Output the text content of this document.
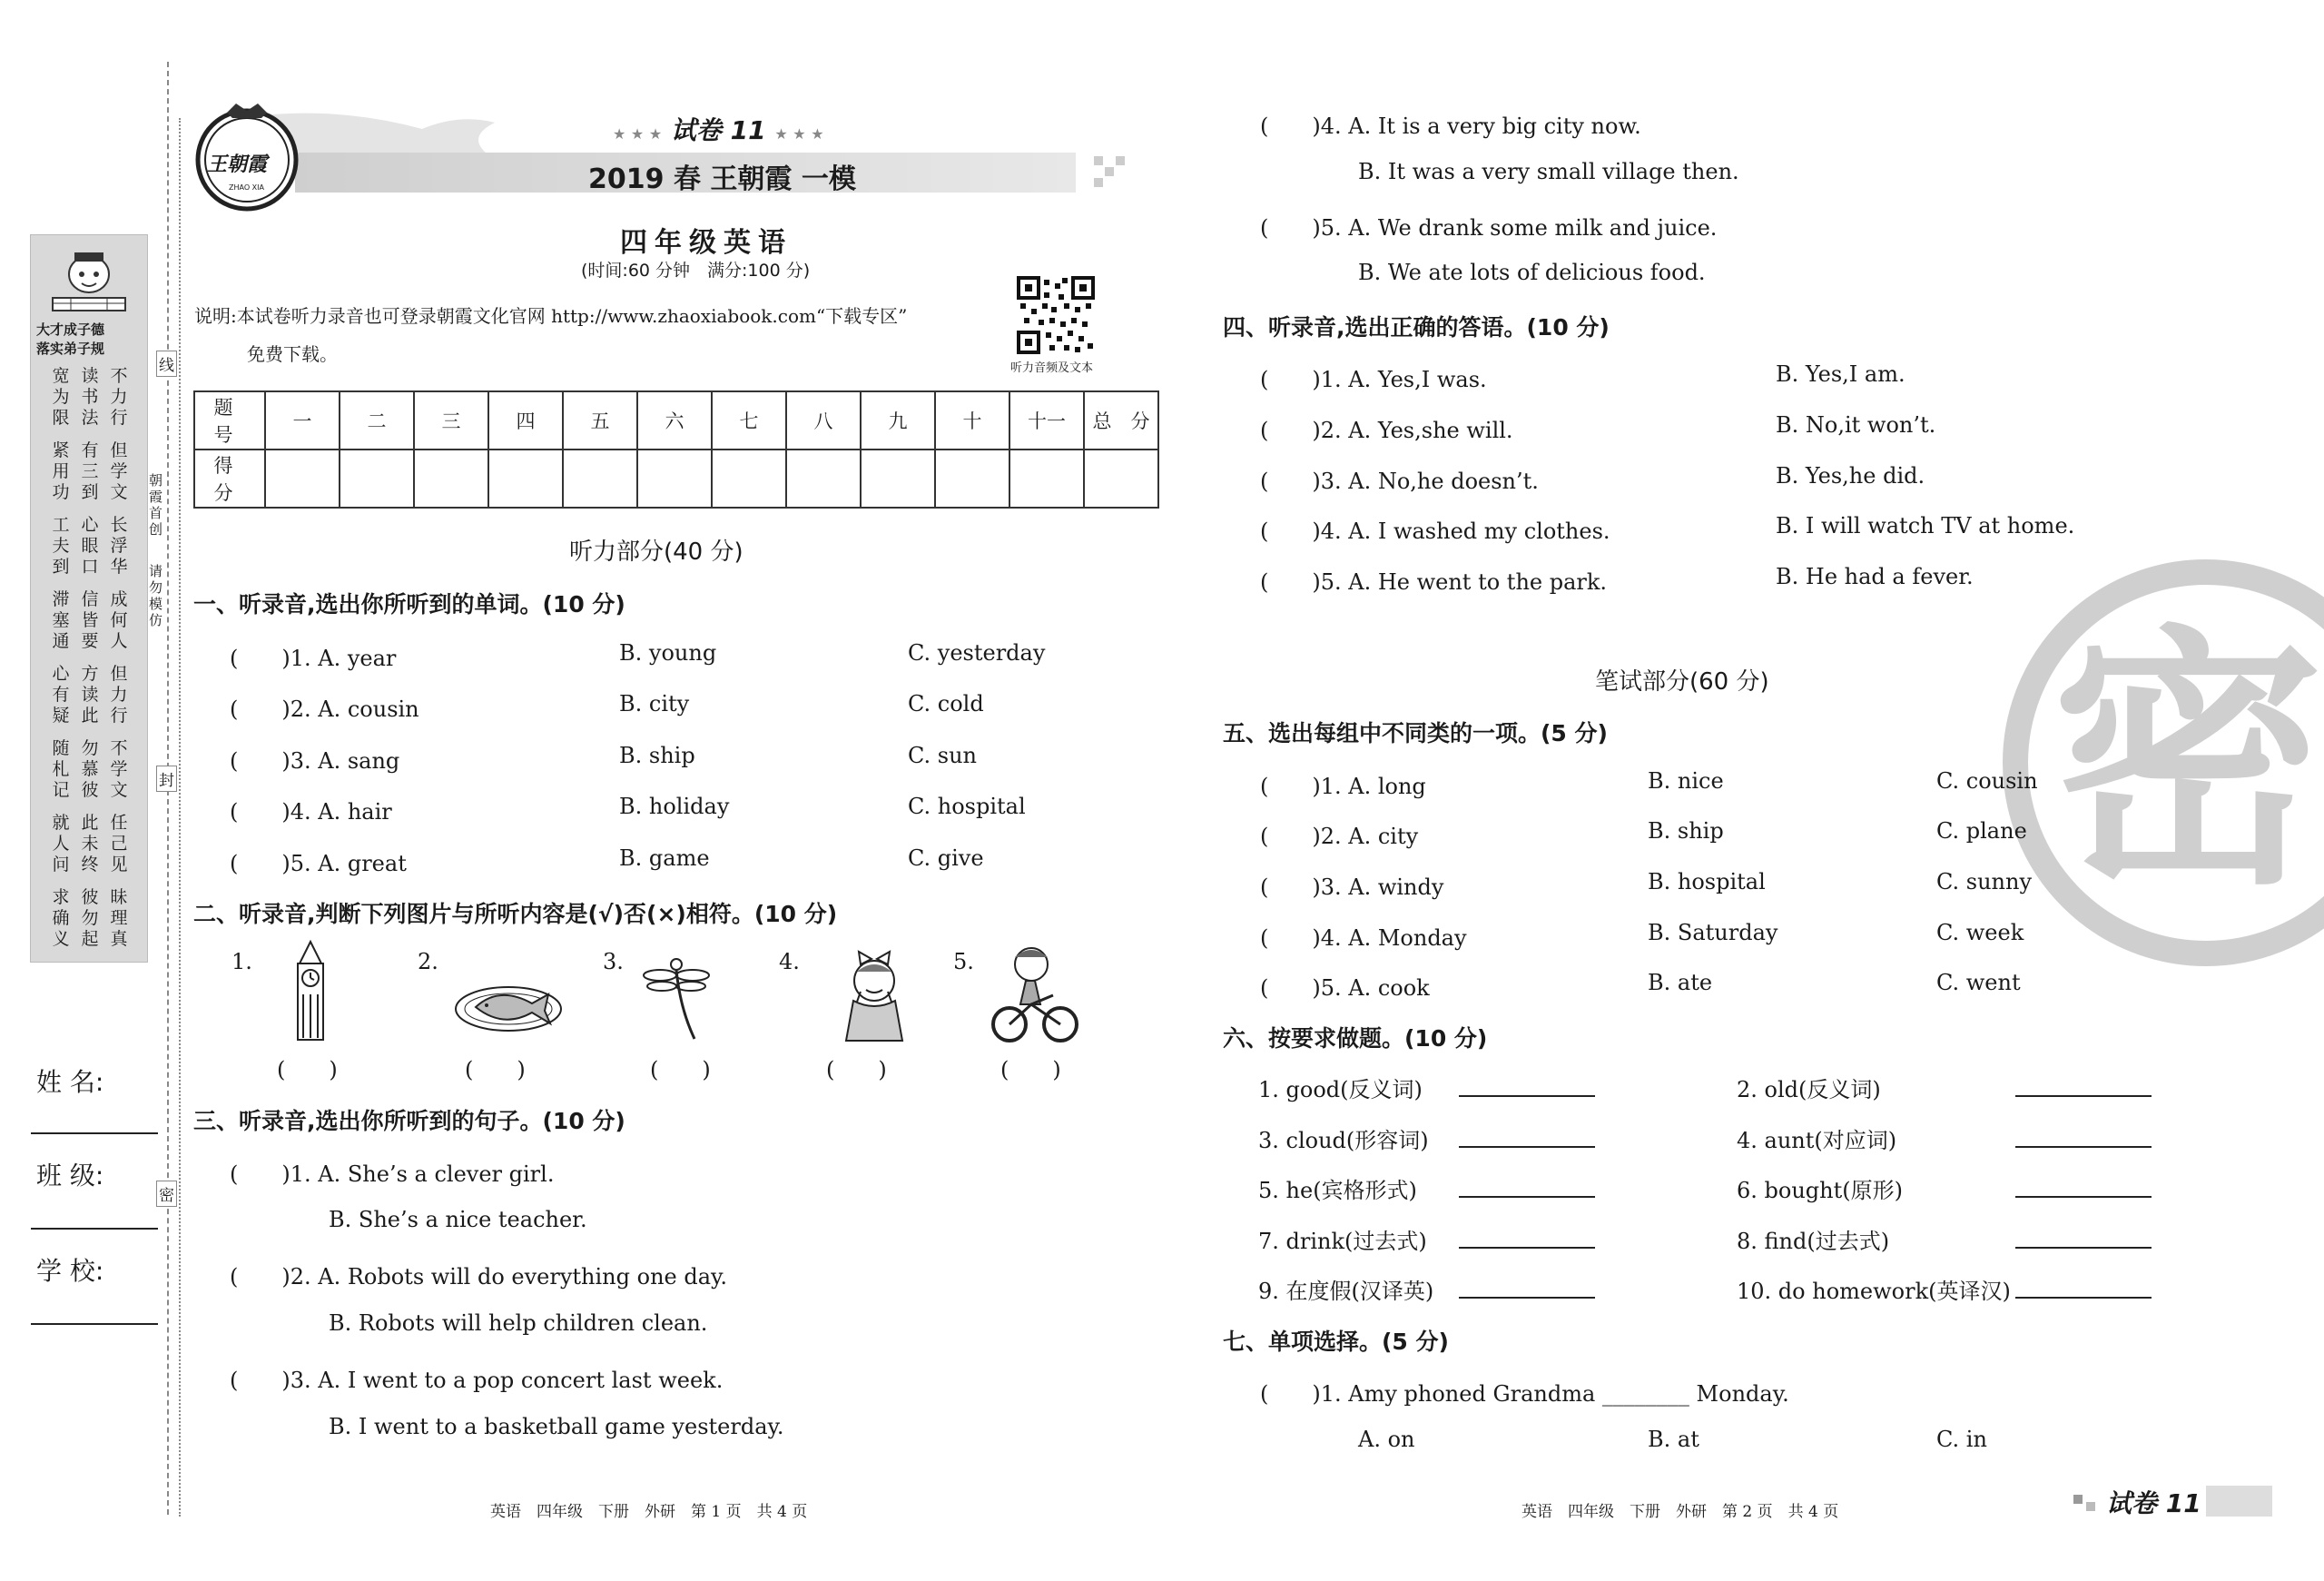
大才成子德
落实弟子规
宽为限
读书法
不力行
紧用功
有三到
但学文
工夫到
心眼口
长浮华
滞塞通
信皆要
成何人
心有疑
方读此
但力行
随札记
勿慕彼
不学文
就人问
此未终
任己见
求确义
彼勿起
昧理真
姓 名:
班 级:
学 校:
线
封
密
朝霞首创
请勿模仿
王朝霞
ZHAO XIA
★ ★ ★ 试卷 11 ★ ★ ★
2019 春 王朝霞 一模
四年级英语
(时间:60 分钟　满分:100 分)
说明:本试卷听力录音也可登录朝霞文化官网 http://www.zhaoxiabook.com“下载专区”
免费下载。
听力音频及文本
题 号	一	二	三	四	五	六	七	八	九	十	十一	总　分
得 分												
听力部分(40 分)
一、听录音,选出你所听到的单词。(10 分)
(　　)1. A. year	B. young	C. yesterday
(　　)2. A. cousin	B. city	C. cold
(　　)3. A. sang	B. ship	C. sun
(　　)4. A. hair	B. holiday	C. hospital
(　　)5. A. great	B. game	C. give
二、听录音,判断下列图片与所听内容是(√)否(×)相符。(10 分)
1.	2.	3.	4.	5.
(　　)	(　　)	(　　)	(　　)	(　　)
三、听录音,选出你所听到的句子。(10 分)
(　　)1. A. She’s a clever girl.
B. She’s a nice teacher.
(　　)2. A. Robots will do everything one day.
B. Robots will help children clean.
(　　)3. A. I went to a pop concert last week.
B. I went to a basketball game yesterday.
英语　四年级　下册　外研　第 1 页　共 4 页
(　　)4. A. It is a very big city now.
B. It was a very small village then.
(　　)5. A. We drank some milk and juice.
B. We ate lots of delicious food.
四、听录音,选出正确的答语。(10 分)
(　　)1. A. Yes,I was.	B. Yes,I am.
(　　)2. A. Yes,she will.	B. No,it won’t.
(　　)3. A. No,he doesn’t.	B. Yes,he did.
(　　)4. A. I washed my clothes.	B. I will watch TV at home.
(　　)5. A. He went to the park.	B. He had a fever.
密
笔试部分(60 分)
五、选出每组中不同类的一项。(5 分)
(　　)1. A. long	B. nice	C. cousin
(　　)2. A. city	B. ship	C. plane
(　　)3. A. windy	B. hospital	C. sunny
(　　)4. A. Monday	B. Saturday	C. week
(　　)5. A. cook	B. ate	C. went
六、按要求做题。(10 分)
1. good(反义词)	2. old(反义词)
3. cloud(形容词)	4. aunt(对应词)
5. he(宾格形式)	6. bought(原形)
7. drink(过去式)	8. find(过去式)
9. 在度假(汉译英)	10. do homework(英译汉)
七、单项选择。(5 分)
(　　)1. Amy phoned Grandma ________ Monday.
A. on	B. at	C. in
英语　四年级　下册　外研　第 2 页　共 4 页	试卷 11
